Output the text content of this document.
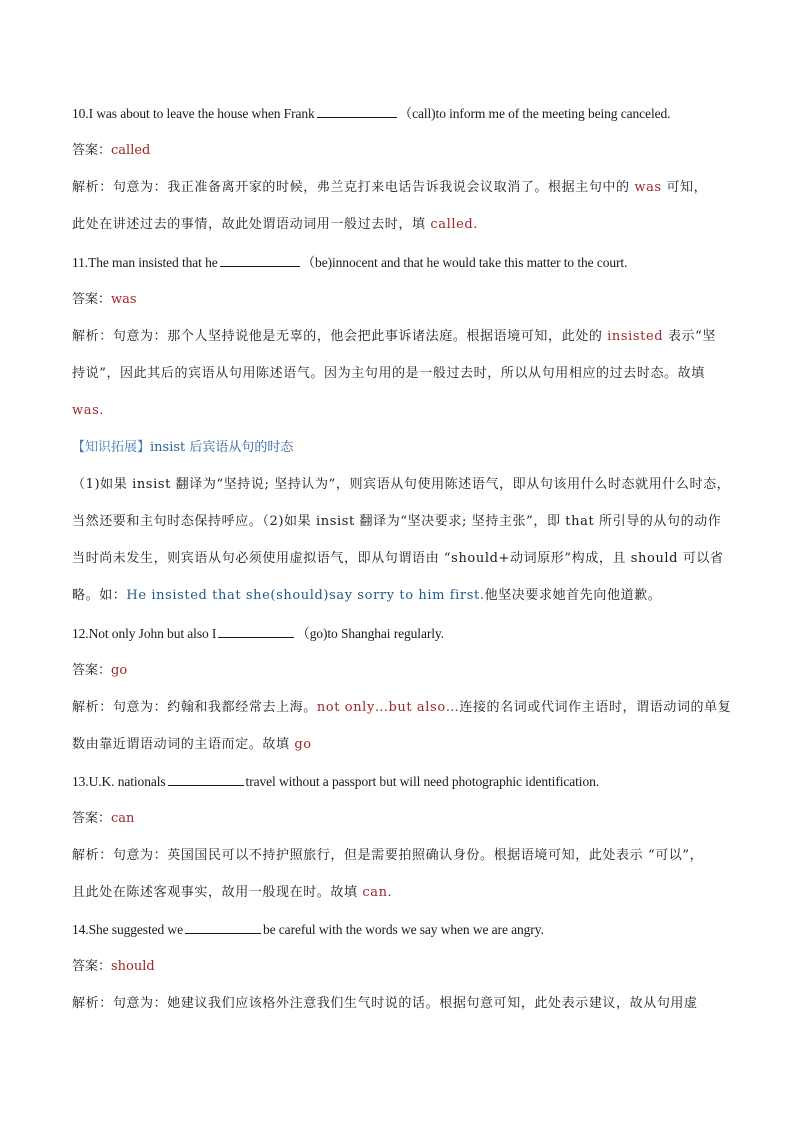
10.I was about to leave the house when Frank	（call)to inform me of the meeting being canceled.
答案：called
解析：句意为：我正准备离开家的时候，弗兰克打来电话告诉我说会议取消了。根据主句中的 was 可知，
此处在讲述过去的事情，故此处谓语动词用一般过去时，填 called.
11.The man insisted that he	（be)innocent and that he would take this matter to the court.
答案：was
解析：句意为：那个人坚持说他是无辜的，他会把此事诉诸法庭。根据语境可知，此处的 insisted 表示“坚
持说”，因此其后的宾语从句用陈述语气。因为主句用的是一般过去时，所以从句用相应的过去时态。故填
was.
【知识拓展】insist 后宾语从句的时态
（1)如果 insist 翻译为“坚持说; 坚持认为”，则宾语从句使用陈述语气，即从句该用什么时态就用什么时态，
当然还要和主句时态保持呼应。（2)如果 insist 翻译为“坚决要求; 坚持主张”，即 that 所引导的从句的动作
当时尚未发生，则宾语从句必须使用虚拟语气，即从句谓语由 “should+动词原形”构成，且 should 可以省
略。如：He insisted that she(should)say sorry to him first.他坚决要求她首先向他道歉。
12.Not only John but also I	（go)to Shanghai regularly.
答案：go
解析：句意为：约翰和我都经常去上海。not only…but also…连接的名词或代词作主语时，谓语动词的单复
数由靠近谓语动词的主语而定。故填 go
13.U.K. nationals	travel without a passport but will need photographic identification.
答案：can
解析：句意为：英国国民可以不持护照旅行，但是需要拍照确认身份。根据语境可知，此处表示 “可以”，
且此处在陈述客观事实，故用一般现在时。故填 can.
14.She suggested we	be careful with the words we say when we are angry.
答案：should
解析：句意为：她建议我们应该格外注意我们生气时说的话。根据句意可知，此处表示建议，故从句用虚
